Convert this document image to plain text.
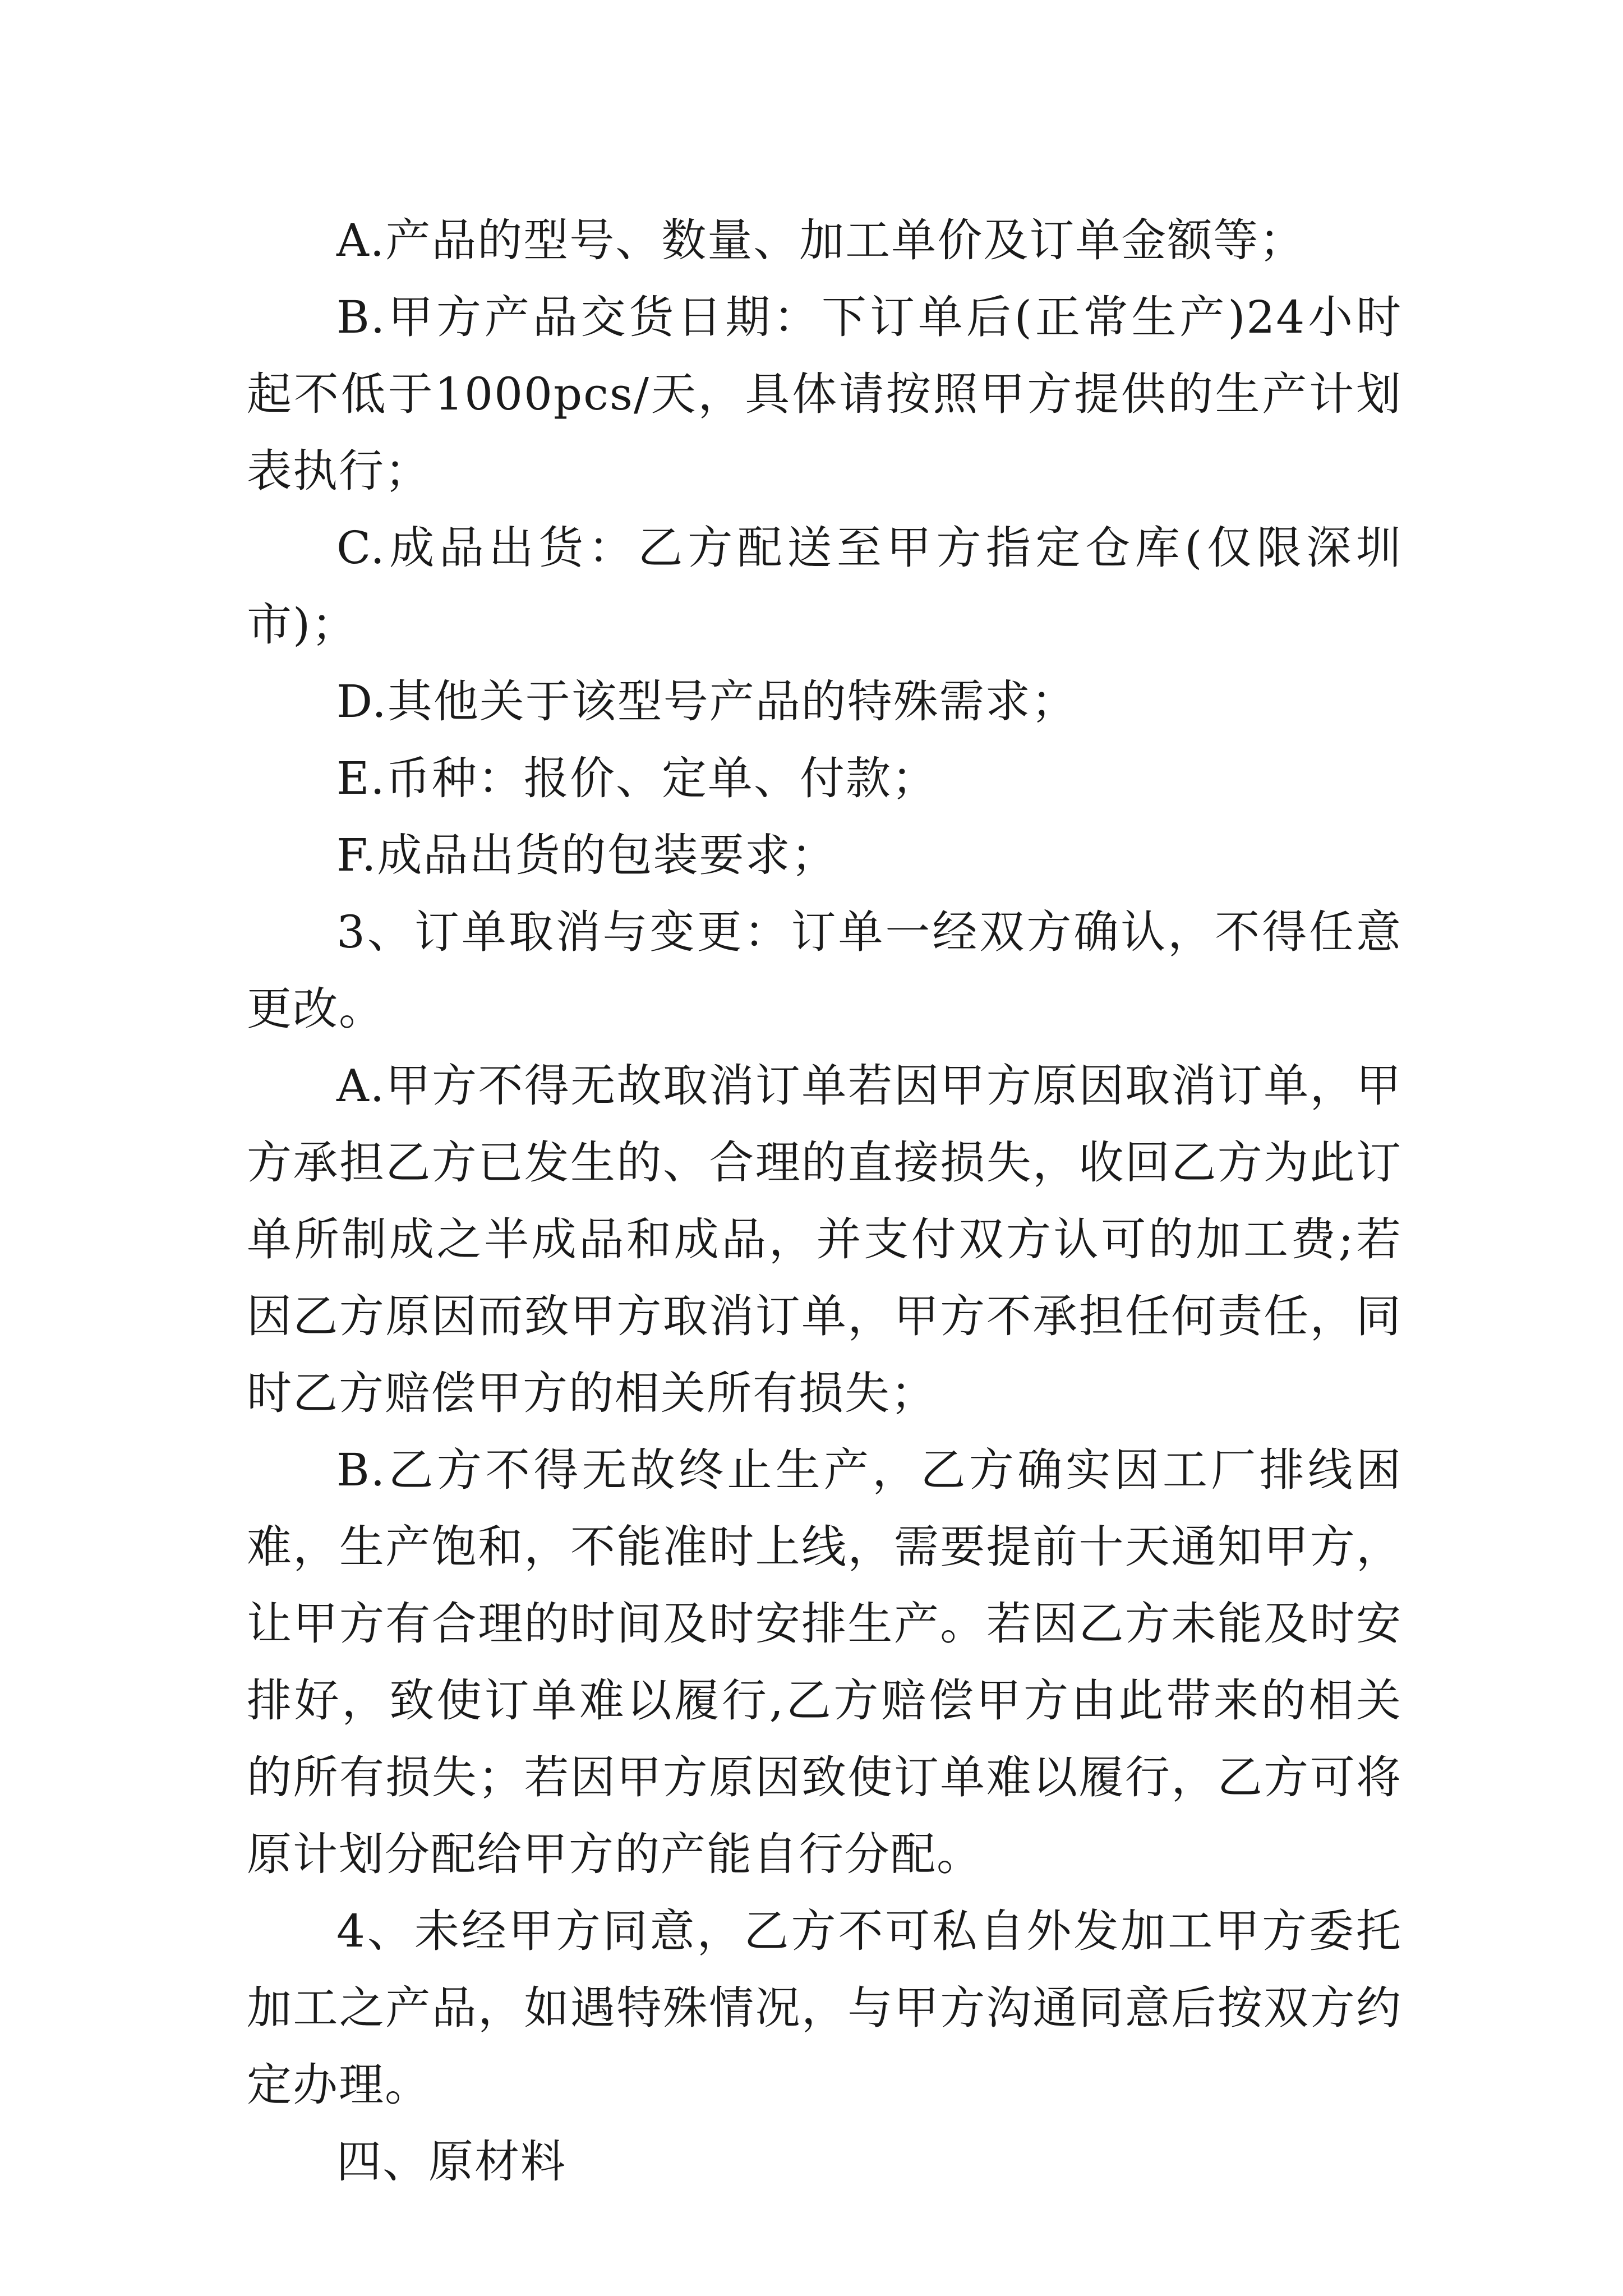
A.产品的型号、数量、加工单价及订单金额等；

B.甲方产品交货日期：下订单后(正常生产)24小时起不低于1000pcs/天，具体请按照甲方提供的生产计划表执行；

C.成品出货：乙方配送至甲方指定仓库(仅限深圳市)；

D.其他关于该型号产品的特殊需求；

E.币种：报价、定单、付款；

F.成品出货的包装要求；

3、订单取消与变更：订单一经双方确认，不得任意更改。

A.甲方不得无故取消订单若因甲方原因取消订单，甲方承担乙方已发生的、合理的直接损失，收回乙方为此订单所制成之半成品和成品，并支付双方认可的加工费;若因乙方原因而致甲方取消订单，甲方不承担任何责任，同时乙方赔偿甲方的相关所有损失；

B.乙方不得无故终止生产，乙方确实因工厂排线困难，生产饱和，不能准时上线，需要提前十天通知甲方，让甲方有合理的时间及时安排生产。若因乙方未能及时安排好，致使订单难以履行,乙方赔偿甲方由此带来的相关的所有损失；若因甲方原因致使订单难以履行，乙方可将原计划分配给甲方的产能自行分配。

4、未经甲方同意，乙方不可私自外发加工甲方委托加工之产品，如遇特殊情况，与甲方沟通同意后按双方约定办理。

四、原材料
